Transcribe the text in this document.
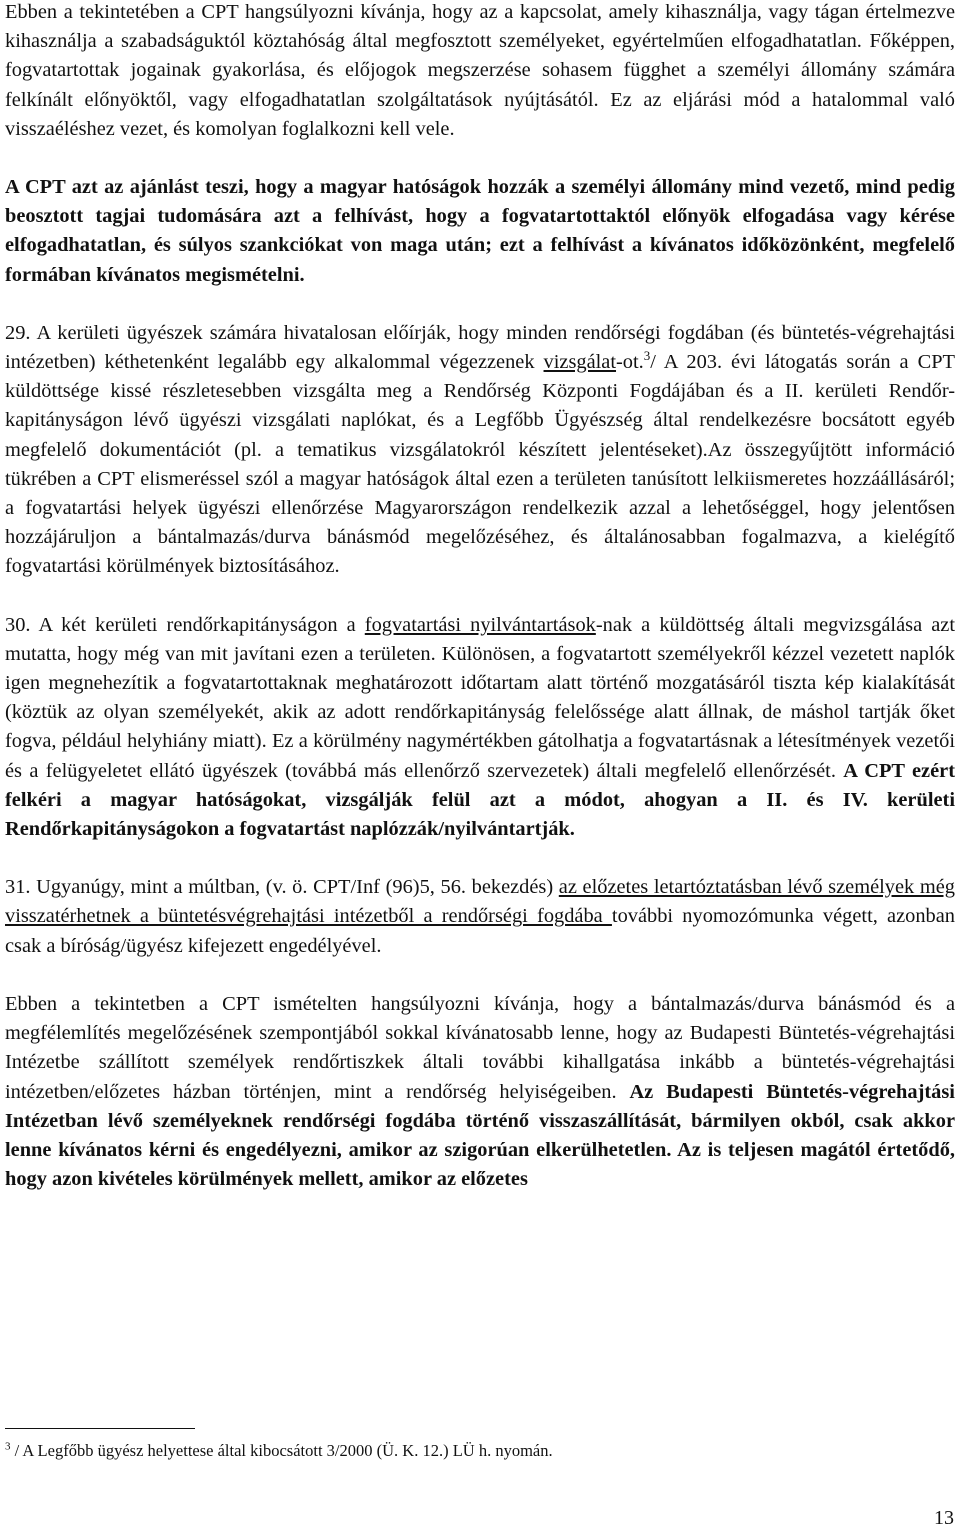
Ebben a tekintetében a CPT hangsúlyozni kívánja, hogy az a kapcsolat, amely kihasználja, vagy tágan értelmezve kihasználja a szabadságuktól köztahóság által megfosztott személyeket, egyértelműen elfogadhatatlan. Főképpen, fogvatartottak jogainak gyakorlása, és előjogok megszerzése sohasem függhet a személyi állomány számára felkínált előnyöktől, vagy elfogadhatatlan szolgáltatások nyújtásától. Ez az eljárási mód a hatalommal való visszaéléshez vezet, és komolyan foglalkozni kell vele.

A CPT azt az ajánlást teszi, hogy a magyar hatóságok hozzák a személyi állomány mind vezető, mind pedig beosztott tagjai tudomására azt a felhívást, hogy a fogvatartottaktól előnyök elfogadása vagy kérése elfogadhatatlan, és súlyos szankciókat von maga után; ezt a felhívást a kívánatos időközönként, megfelelő formában kívánatos megismételni.

29. A kerületi ügyészek számára hivatalosan előírják, hogy minden rendőrségi fogdában (és büntetés-végrehajtási intézetben) kéthetenként legalább egy alkalommal végezzenek vizsgálat-ot.$^3$/ A 203. évi látogatás során a CPT küldöttsége kissé részletesebben vizsgálta meg a Rendőrség Központi Fogdájában és a II. kerületi Rendőr-kapitányságon lévő ügyészi vizsgálati naplókat, és a Legfőbb Ügyészség által rendelkezésre bocsátott egyéb megfelelő dokumentációt (pl. a tematikus vizsgálatokról készített jelentéseket).Az összegyűjtött információ tükrében a CPT elismeréssel szól a magyar hatóságok által ezen a területen tanúsított lelkiismeretes hozzáállásáról; a fogvatartási helyek ügyészi ellenőrzése Magyarországon rendelkezik azzal a lehetőséggel, hogy jelentősen hozzájáruljon a bántalmazás/durva bánásmód megelőzéséhez, és általánosabban fogalmazva, a kielégítő fogvatartási körülmények biztosításához.

30. A két kerületi rendőrkapitányságon a fogvatartási nyilvántartások-nak a küldöttség általi megvizsgálása azt mutatta, hogy még van mit javítani ezen a területen. Különösen, a fogvatartott személyekről kézzel vezetett naplók igen megnehezítik a fogvatartottaknak meghatározott időtartam alatt történő mozgatásáról tiszta kép kialakítását (köztük az olyan személyekét, akik az adott rendőrkapitányság felelőssége alatt állnak, de máshol tartják őket fogva, például helyhiány miatt). Ez a körülmény nagymértékben gátolhatja a fogvatartásnak a létesítmények vezetői és a felügyeletet ellátó ügyészek (továbbá más ellenőrző szervezetek) általi megfelelő ellenőrzését. A CPT ezért felkéri a magyar hatóságokat, vizsgálják felül azt a módot, ahogyan a II. és IV. kerületi Rendőrkapitányságokon a fogvatartást naplózzák/nyilvántartják.

31. Ugyanúgy, mint a múltban, (v. ö. CPT/Inf (96)5, 56. bekezdés) az előzetes letartóztatásban lévő személyek még visszatérhetnek a büntetésvégrehajtási intézetből a rendőrségi fogdába további nyomozómunka végett, azonban csak a bíróság/ügyész kifejezett engedélyével.

Ebben a tekintetben a CPT ismételten hangsúlyozni kívánja, hogy a bántalmazás/durva bánásmód és a megfélemlítés megelőzésének szempontjából sokkal kívánatosabb lenne, hogy az Budapesti Büntetés-végrehajtási Intézetbe szállított személyek rendőrtiszkek általi további kihallgatása inkább a büntetés-végrehajtási intézetben/előzetes házban történjen, mint a rendőrség helyiségeiben. Az Budapesti Büntetés-végrehajtási Intézetban lévő személyeknek rendőrségi fogdába történő visszaszállítását, bármilyen okból, csak akkor lenne kívánatos kérni és engedélyezni, amikor az szigorúan elkerülhetetlen. Az is teljesen magától értetődő, hogy azon kivételes körülmények mellett, amikor az előzetes

$^3$ / A Legfőbb ügyész helyettese által kibocsátott 3/2000 (Ü. K. 12.) LÜ h. nyomán.
13
